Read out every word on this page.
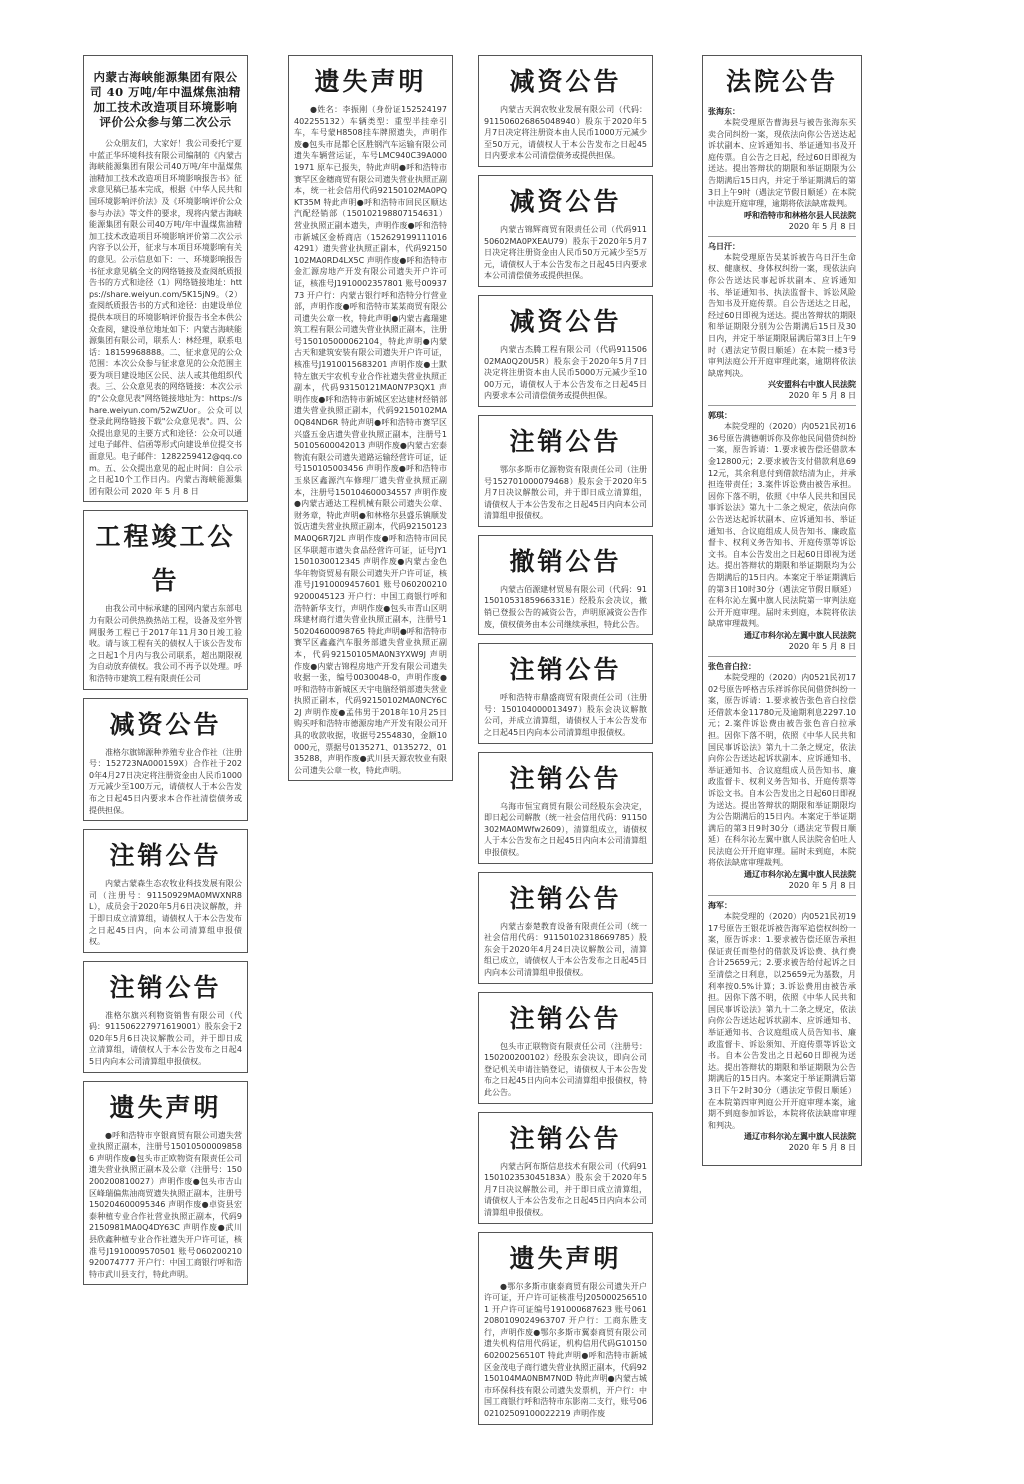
内蒙古海峡能源集团有限公司 40 万吨/年中温煤焦油精加工技术改造项目环境影响评价公众参与第二次公示
公众朋友们，大家好！我公司委托宁夏中蓝正华环境科技有限公司编制的《内蒙古海峡能源集团有限公司40万吨/年中温煤焦油精加工技术改造项目环境影响报告书》征求意见稿已基本完成，根据《中华人民共和国环境影响评价法》及《环境影响评价公众参与办法》等文件的要求，现将内蒙古海峡能源集团有限公司40万吨/年中温煤焦油精加工技术改造项目环境影响评价第二次公示内容予以公开，征求与本项目环境影响有关的意见。公示信息如下：一、环境影响报告书征求意见稿全文的网络链接及查阅纸质报告书的方式和途径（1）网络链接地址：https://share.weiyun.com/5K15jN9。（2）查阅纸质报告书的方式和途径：由建设单位提供本项目的环境影响评价报告书全本供公众查阅，建设单位地址如下：内蒙古海峡能源集团有限公司，联系人：林经理，联系电话：18159968888。二、征求意见的公众范围：本次公众参与征求意见的公众范围主要为项目建设地区公民、法人或其他组织代表。三、公众意见表的网络链接：本次公示的"公众意见表"网络链接地址为：https://share.weiyun.com/52wZUor。公众可以登录此网络链接下载"公众意见表"。四、公众提出意见的主要方式和途径：公众可以通过电子邮件、信函等形式向建设单位提交书面意见。电子邮件：1282259412@qq.com。五、公众提出意见的起止时间：自公示之日起10个工作日内。内蒙古海峡能源集团有限公司 2020 年 5 月 8 日
工程竣工公告
由我公司中标承建的国网内蒙古东部电力有限公司供热换热站工程，设备及室外管网服务工程已于2017年11月30日竣工验收。请与该工程有关的债权人于该公告发布之日起1个月内与我公司联系，超出期限视为自动放弃债权。我公司不再予以处理。呼和浩特市建筑工程有限责任公司
减资公告
准格尔旗锦源种养殖专业合作社（注册号：152723NA000159X）合作社于2020年4月27日决定将注册资金由人民币1000万元减少至100万元，请债权人于本公告发布之日起45日内要求本合作社清偿债务或提供担保。
注销公告
内蒙古蒙森生态农牧业科技发展有限公司（注册号：91150929MA0MWXNR8L），成员会于2020年5月6日决议解散，并于即日成立清算组，请债权人于本公告发布之日起45日内，向本公司清算组申报债权。
注销公告
准格尔旗兴利物资销售有限公司（代码：911506227971619001）股东会于2020年5月6日决议解散公司，并于即日成立清算组，请债权人于本公告发布之日起45日内向本公司清算组申报债权。
遗失声明
●呼和浩特市亨银商贸有限公司遗失营业执照正副本，注册号150105000098586 声明作废●包头市正欧物资有限责任公司遗失营业执照正副本及公章（注册号：150200200810027）声明作废●包头市吉山区峰瑞偏焦油商贸遗失执照正副本，注册号150204600095346 声明作废●卓资县宏泰种植专业合作社营业执照正副本，代码92150981MA0Q4DY63C 声明作废●武川县欣鑫种植专业合作社遗失开户许可证，核准号J1910009570501 账号060200210920074777 开户行：中国工商银行呼和浩特市武川县支行，特此声明。
遗失声明
●姓名：李振刚（身份证152524197402255132）车辆类型：重型半挂牵引车，车号蒙H8508挂车牌照遗失，声明作废●包头市昆都仑区胜钢汽车运输有限公司遗失车辆营运证，车号LMC940C39A0001971 原车已报失，特此声明●呼和浩特市赛罕区金穗商贸有限公司遗失营业执照正副本，统一社会信用代码92150102MA0PQKT35M 特此声明●呼和浩特市回民区顺达汽配经销部（150102198807154631）营业执照正副本遗失，声明作废●呼和浩特市新城区金桥商店（1526291991110164291）遗失营业执照正副本，代码92150102MA0RD4LX5C 声明作废●呼和浩特市金汇源房地产开发有限公司遗失开户许可证，核准号J1910002357801 账号0093773 开户行：内蒙古银行呼和浩特分行营业部，声明作废●呼和浩特市某某商贸有限公司遗失公章一枚，特此声明●内蒙古鑫瑞建筑工程有限公司遗失营业执照正副本，注册号150105000062104，特此声明●内蒙古天和建筑安装有限公司遗失开户许可证，核准号J1910015683201 声明作废●土默特左旗天宇农机专业合作社遗失营业执照正副本，代码93150121MA0N7P3QX1 声明作废●呼和浩特市新城区宏达建材经销部遗失营业执照正副本，代码92150102MA0Q84ND6R 特此声明●呼和浩特市赛罕区兴盛五金店遗失营业执照正副本，注册号150105600042013 声明作废●内蒙古宏泰物流有限公司遗失道路运输经营许可证，证号150105003456 声明作废●呼和浩特市玉泉区鑫源汽车修理厂遗失营业执照正副本，注册号150104600034557 声明作废●内蒙古通达工程机械有限公司遗失公章、财务章，特此声明●和林格尔县盛乐镇顺发饭店遗失营业执照正副本，代码92150123MA0Q6R7J2L 声明作废●呼和浩特市回民区华联超市遗失食品经营许可证，证号JY11501030012345 声明作废●内蒙古金色华年物资贸易有限公司遗失开户许可证，核准号J1910009457601 账号0602002109200045123 开户行：中国工商银行呼和浩特新华支行，声明作废●包头市青山区明珠建材商行遗失营业执照正副本，注册号150204600098765 特此声明●呼和浩特市赛罕区鑫鑫汽车服务部遗失营业执照正副本，代码92150105MA0N3YXW9J 声明作废●内蒙古锦程房地产开发有限公司遗失收据一张，编号0030048-0，声明作废●呼和浩特市新城区天宇电脑经销部遗失营业执照正副本，代码92150102MA0NCY6C2J 声明作废●孟伟男于2018年10月25日购买呼和浩特市德源房地产开发有限公司开具的收款收据，收据号2554830，金额10000元，票据号0135271、0135272、0135288，声明作废●武川县天源农牧业有限公司遗失公章一枚，特此声明。
减资公告
内蒙古天润农牧业发展有限公司（代码：911506026865048940）股东于2020年5月7日决定将注册资本由人民币1000万元减少至50万元，请债权人于本公告发布之日起45日内要求本公司清偿债务或提供担保。
减资公告
内蒙古锦辉商贸有限责任公司（代码91150602MA0PXEAU79）股东于2020年5月7日决定将注册资金由人民币50万元减少至5万元，请债权人于本公告发布之日起45日内要求本公司清偿债务或提供担保。
减资公告
内蒙古杰腾工程有限公司（代码91150602MA0Q20U5R）股东会于2020年5月7日决定将注册资本由人民币5000万元减少至1000万元，请债权人于本公告发布之日起45日内要求本公司清偿债务或提供担保。
注销公告
鄂尔多斯市亿源物资有限责任公司（注册号152701000079468）股东会于2020年5月7日决议解散公司，并于即日成立清算组，请债权人于本公告发布之日起45日内向本公司清算组申报债权。
撤销公告
内蒙古佰源建材贸易有限公司（代码：911501053185966331E）经股东会决议，撤销已登报公告的减资公告，声明原减资公告作废，债权债务由本公司继续承担，特此公告。
注销公告
呼和浩特市鼎盛商贸有限责任公司（注册号：150104000013497）股东会决议解散公司，并成立清算组，请债权人于本公告发布之日起45日内向本公司清算组申报债权。
注销公告
乌海市恒宝商贸有限公司经股东会决定，即日起公司解散（统一社会信用代码：91150302MA0MWfw2609），清算组成立，请债权人于本公告发布之日起45日内向本公司清算组申报债权。
注销公告
内蒙古泰楚教育设备有限责任公司（统一社会信用代码：91150102318669785）股东会于2020年4月24日决议解散公司，清算组已成立，请债权人于本公告发布之日起45日内向本公司清算组申报债权。
注销公告
包头市正联物资有限责任公司（注册号：150200200102）经股东会决议，即向公司登记机关申请注销登记，请债权人于本公告发布之日起45日内向本公司清算组申报债权，特此公告。
注销公告
内蒙古阿布斯信息技术有限公司（代码91150102353045183A）股东会于2020年5月7日决议解散公司，并于即日成立清算组，请债权人于本公告发布之日起45日内向本公司清算组申报债权。
遗失声明
●鄂尔多斯市康泰商贸有限公司遗失开户许可证，开户许可证核准号J2050002565101 开户许可证编号191000687623 账号0612080109024963707 开户行：工商东胜支行，声明作废●鄂尔多斯市翼泰商贸有限公司遗失机构信用代码证，机构信用代码G1015060200256510T 特此声明●呼和浩特市新城区金茂电子商行遗失营业执照正副本，代码92150104MA0NBM7N0D 特此声明●内蒙古城市环保科技有限公司遗失发票机，开户行：中国工商银行呼和浩特市东影南二支行，账号0602102509100022219 声明作废
法院公告
张海东：
本院受理原告曹海县与被告张海东买卖合同纠纷一案，现依法向你公告送达起诉状副本、应诉通知书、举证通知书及开庭传票。自公告之日起，经过60日即视为送达。提出答辩状的期限和举证期限为公告期满后15日内，并定于举证期满后的第3日上午9时（遇法定节假日顺延）在本院中法庭开庭审理，逾期将依法缺席裁判。
呼和浩特市和林格尔县人民法院
2020 年 5 月 8 日
乌日汗：
本院受理原告吴某诉被告乌日汗生命权、健康权、身体权纠纷一案，现依法向你公告送达民事起诉状副本、应诉通知书、举证通知书、执法监督卡、诉讼风险告知书及开庭传票。自公告送达之日起，经过60日即视为送达。提出答辩状的期限和举证期限分别为公告期满后15日及30日内，并定于举证期限届满后第3日上午9时（遇法定节假日顺延）在本院一楼3号审判法庭公开开庭审理此案，逾期将依法缺席判决。
兴安盟科右中旗人民法院
2020 年 5 月 8 日
郭琪：
本院受理的（2020）内0521民初1636号原告满德朝诉你及你他民间借贷纠纷一案，原告诉请：1.要求被告偿还借款本金12800元；2.要求被告支付借款利息6912元，其余利息付到借款结清为止，并承担连带责任；3.案件诉讼费由被告承担。因你下落不明，依照《中华人民共和国民事诉讼法》第九十二条之规定，依法向你公告送达起诉状副本、应诉通知书、举证通知书、合议庭组成人员告知书、廉政监督卡、权利义务告知书、开庭传票等诉讼文书。自本公告发出之日起60日即视为送达。提出答辩状的期限和举证期限均为公告期满后的15日内。本案定于举证期满后的第3日10时30分（遇法定节假日顺延）在科尔沁左翼中旗人民法院第一审判法庭公开开庭审理。届时未到庭，本院将依法缺席审理裁判。
通辽市科尔沁左翼中旗人民法院
2020 年 5 月 8 日
张色音白拉：
本院受理的（2020）内0521民初1702号原告呼格吉乐祥诉你民间借贷纠纷一案，原告诉请：1.要求被告张色音白拉偿还借款本金11780元及逾期利息2297.10元；2.案件诉讼费由被告张色音白拉承担。因你下落不明，依照《中华人民共和国民事诉讼法》第九十二条之规定，依法向你公告送达起诉状副本、应诉通知书、举证通知书、合议庭组成人员告知书、廉政监督卡、权利义务告知书、开庭传票等诉讼文书。自本公告发出之日起60日即视为送达。提出答辩状的期限和举证期限均为公告期满后的15日内。本案定于举证期满后的第3日9时30分（遇法定节假日顺延）在科尔沁左翼中旗人民法院舍伯吐人民法庭公开开庭审理。届时未到庭，本院将依法缺席审理裁判。
通辽市科尔沁左翼中旗人民法院
2020 年 5 月 8 日
海军：
本院受理的（2020）内0521民初1917号原告王银花诉被告海军追偿权纠纷一案，原告诉求：1.要求被告偿还原告承担保证责任而垫付的借款及诉讼费、执行费合计25659元；2.要求被告给付起诉之日至清偿之日利息，以25659元为基数，月利率按0.5%计算；3.诉讼费用由被告承担。因你下落不明，依照《中华人民共和国民事诉讼法》第九十二条之规定，依法向你公告送达起诉状副本、应诉通知书、举证通知书、合议庭组成人员告知书、廉政监督卡、诉讼须知、开庭传票等诉讼文书。自本公告发出之日起60日即视为送达。提出答辩状的期限和举证期限为公告期满后的15日内。本案定于举证期满后第3日下午2时30分（遇法定节假日顺延）在本院第四审判庭公开开庭审理本案，逾期不到庭参加诉讼，本院将依法缺席审理和判决。
通辽市科尔沁左翼中旗人民法院
2020 年 5 月 8 日
